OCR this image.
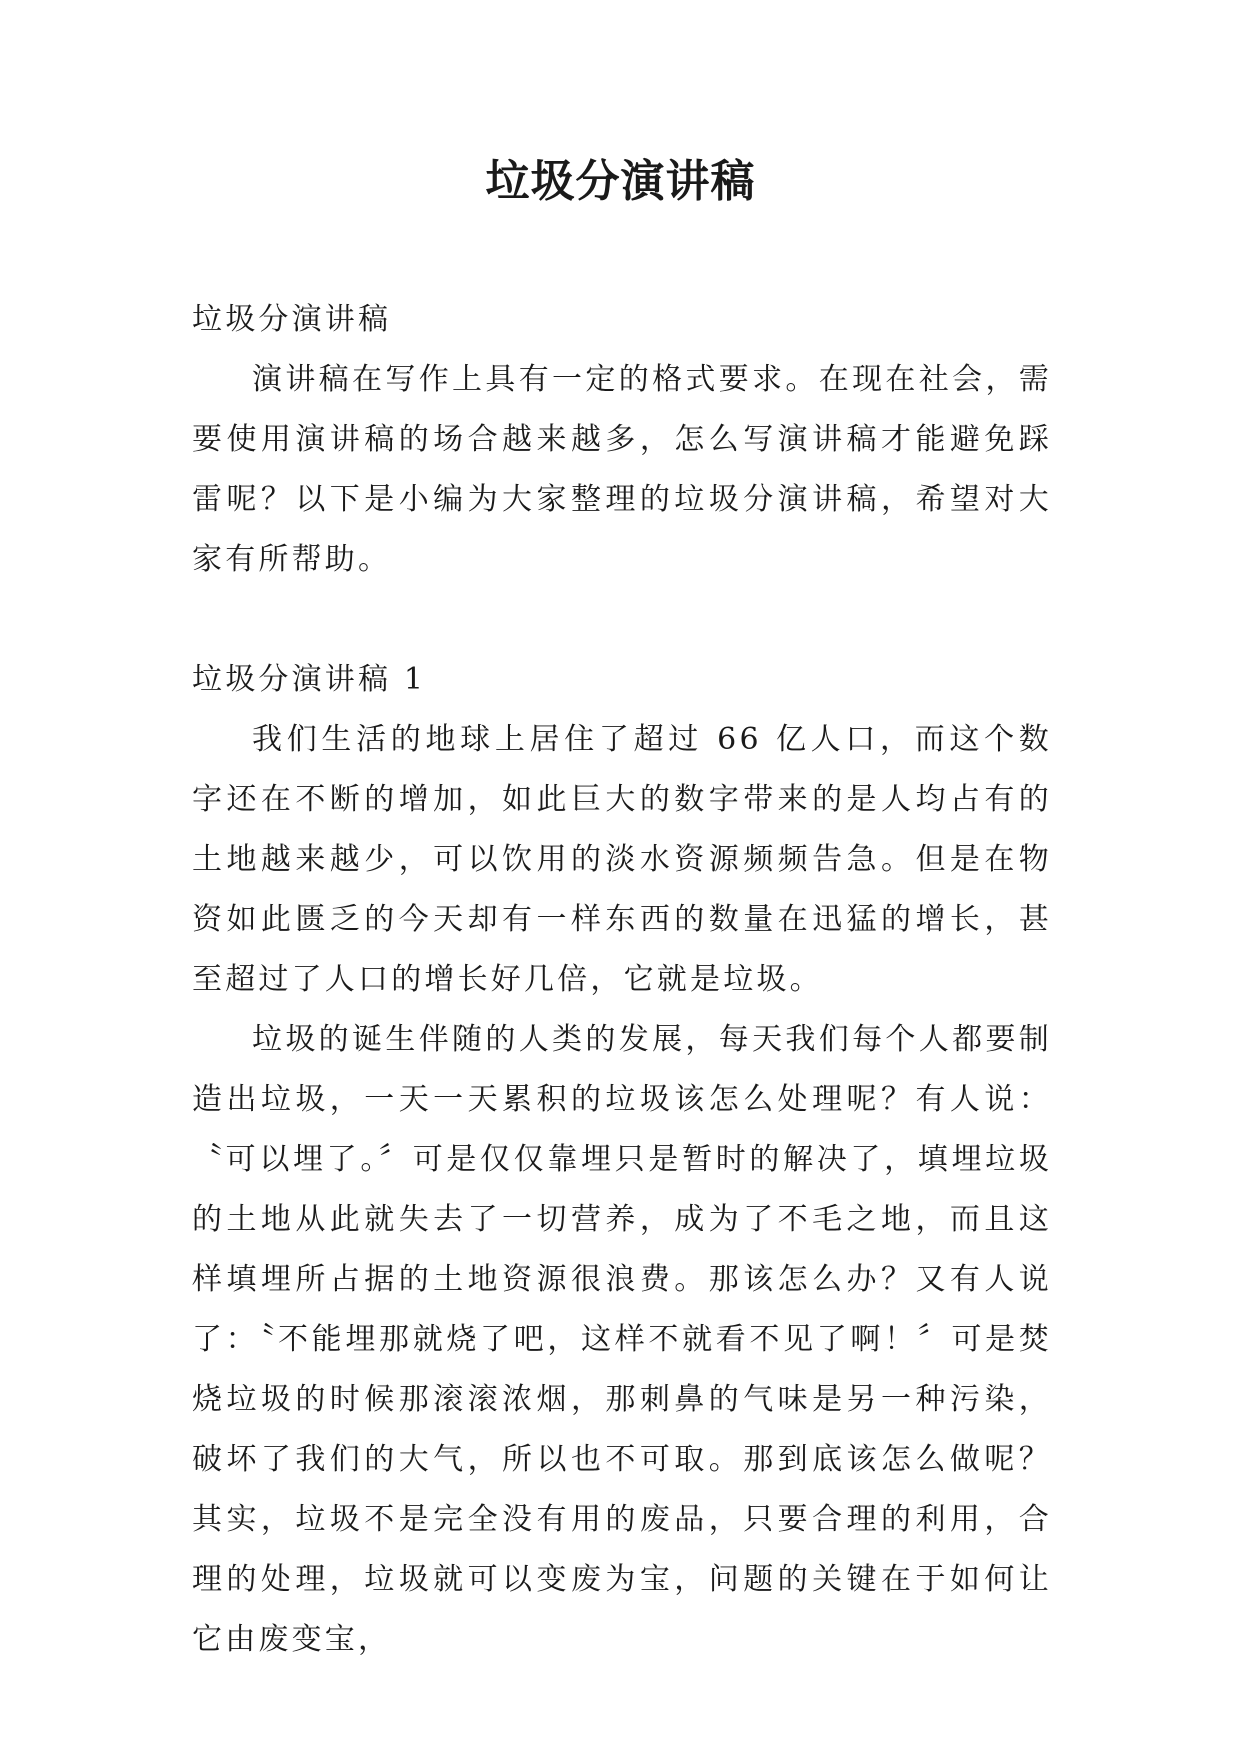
垃圾分演讲稿

垃圾分演讲稿

演讲稿在写作上具有一定的格式要求。在现在社会，需要使用演讲稿的场合越来越多，怎么写演讲稿才能避免踩雷呢？以下是小编为大家整理的垃圾分演讲稿，希望对大家有所帮助。

垃圾分演讲稿 1

我们生活的地球上居住了超过 66 亿人口，而这个数字还在不断的增加，如此巨大的数字带来的是人均占有的土地越来越少，可以饮用的淡水资源频频告急。但是在物资如此匮乏的今天却有一样东西的数量在迅猛的增长，甚至超过了人口的增长好几倍，它就是垃圾。

垃圾的诞生伴随的人类的发展，每天我们每个人都要制造出垃圾，一天一天累积的垃圾该怎么处理呢？有人说：〝可以埋了。〞可是仅仅靠埋只是暂时的解决了，填埋垃圾的土地从此就失去了一切营养，成为了不毛之地，而且这样填埋所占据的土地资源很浪费。那该怎么办？又有人说了：〝不能埋那就烧了吧，这样不就看不见了啊！〞可是焚烧垃圾的时候那滚滚浓烟，那刺鼻的气味是另一种污染，破坏了我们的大气，所以也不可取。那到底该怎么做呢？其实，垃圾不是完全没有用的废品，只要合理的利用，合理的处理，垃圾就可以变废为宝，问题的关键在于如何让它由废变宝，
